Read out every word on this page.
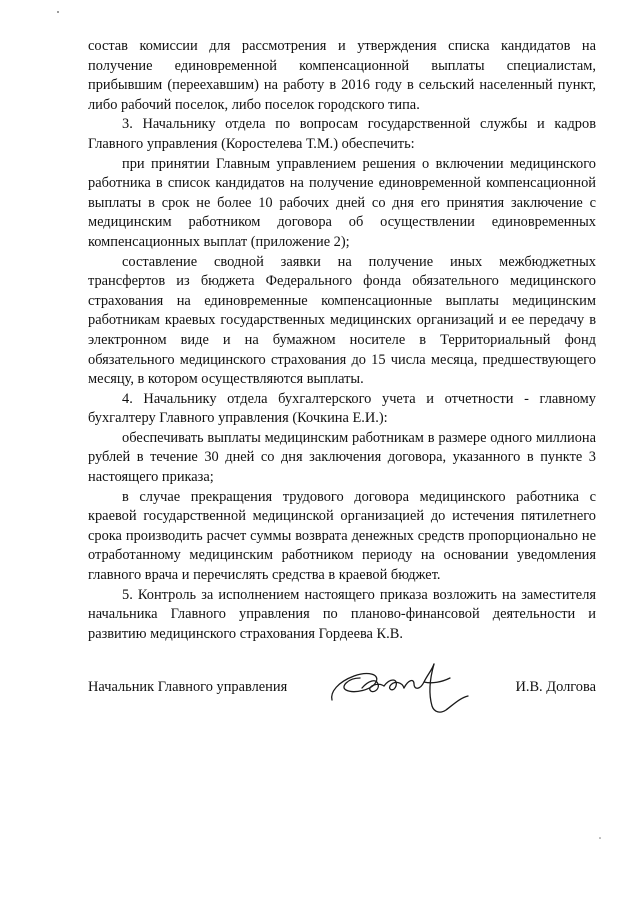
состав комиссии для рассмотрения и утверждения списка кандидатов на получение единовременной компенсационной выплаты специалистам, прибывшим (переехавшим) на работу в 2016 году в сельский населенный пункт, либо рабочий поселок, либо поселок городского типа.

3. Начальнику отдела по вопросам государственной службы и кадров Главного управления (Коростелева Т.М.) обеспечить:

при принятии Главным управлением решения о включении медицинского работника в список кандидатов на получение единовременной компенсационной выплаты в срок не более 10 рабочих дней со дня его принятия заключение с медицинским работником договора об осуществлении единовременных компенсационных выплат (приложение 2);

составление сводной заявки на получение иных межбюджетных трансфертов из бюджета Федерального фонда обязательного медицинского страхования на единовременные компенсационные выплаты медицинским работникам краевых государственных медицинских организаций и ее передачу в электронном виде и на бумажном носителе в Территориальный фонд обязательного медицинского страхования до 15 числа месяца, предшествующего месяцу, в котором осуществляются выплаты.

4. Начальнику отдела бухгалтерского учета и отчетности - главному бухгалтеру Главного управления (Кочкина Е.И.):

обеспечивать выплаты медицинским работникам в размере одного миллиона рублей в течение 30 дней со дня заключения договора, указанного в пункте 3 настоящего приказа;

в случае прекращения трудового договора медицинского работника с краевой государственной медицинской организацией до истечения пятилетнего срока производить расчет суммы возврата денежных средств пропорционально не отработанному медицинским работником периоду на основании уведомления главного врача и перечислять средства в краевой бюджет.

5. Контроль за исполнением настоящего приказа возложить на заместителя начальника Главного управления по планово-финансовой деятельности и развитию медицинского страхования Гордеева К.В.

Начальник Главного управления	И.В. Долгова
